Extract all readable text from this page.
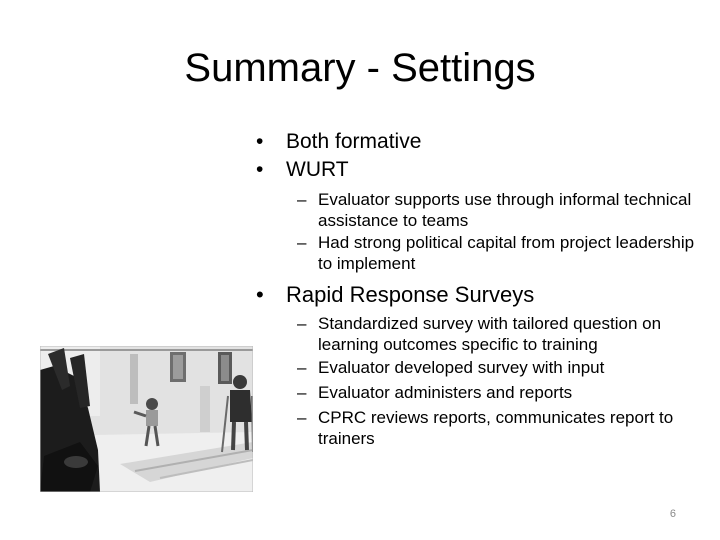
Summary - Settings
• Both formative
• WURT
– Evaluator supports use through informal technical assistance to teams
– Had strong political capital from project leadership to implement
• Rapid Response Surveys
– Standardized survey with tailored question on learning outcomes specific to training
– Evaluator developed survey with input
– Evaluator administers and reports
– CPRC reviews reports, communicates report to trainers
6
